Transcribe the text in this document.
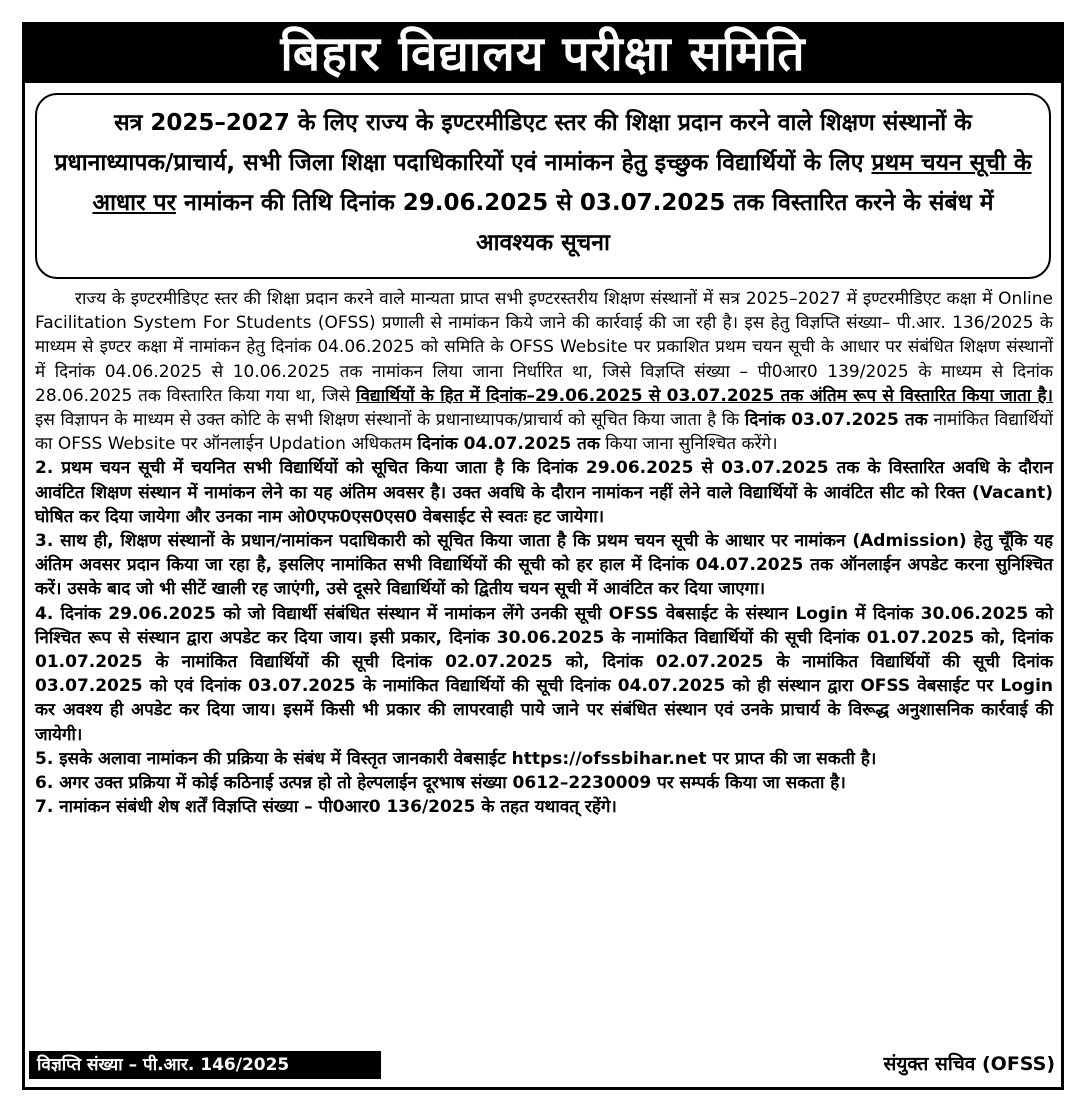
बिहार विद्यालय परीक्षा समिति
सत्र 2025–2027 के लिए राज्य के इण्टरमीडिएट स्तर की शिक्षा प्रदान करने वाले शिक्षण संस्थानों के प्रधानाध्यापक/प्राचार्य, सभी जिला शिक्षा पदाधिकारियों एवं नामांकन हेतु इच्छुक विद्यार्थियों के लिए प्रथम चयन सूची के आधार पर नामांकन की तिथि दिनांक 29.06.2025 से 03.07.2025 तक विस्तारित करने के संबंध में आवश्यक सूचना

राज्य के इण्टरमीडिएट स्तर की शिक्षा प्रदान करने वाले मान्यता प्राप्त सभी इण्टरस्तरीय शिक्षण संस्थानों में सत्र 2025–2027 में इण्टरमीडिएट कक्षा में Online Facilitation System For Students (OFSS) प्रणाली से नामांकन किये जाने की कार्रवाई की जा रही है। इस हेतु विज्ञप्ति संख्या– पी.आर. 136/2025 के माध्यम से इण्टर कक्षा में नामांकन हेतु दिनांक 04.06.2025 को समिति के OFSS Website पर प्रकाशित प्रथम चयन सूची के आधार पर संबंधित शिक्षण संस्थानों में दिनांक 04.06.2025 से 10.06.2025 तक नामांकन लिया जाना निर्धारित था, जिसे विज्ञप्ति संख्या – पी0आर0 139/2025 के माध्यम से दिनांक 28.06.2025 तक विस्तारित किया गया था, जिसे विद्यार्थियों के हित में दिनांक–29.06.2025 से 03.07.2025 तक अंतिम रूप से विस्तारित किया जाता है। इस विज्ञापन के माध्यम से उक्त कोटि के सभी शिक्षण संस्थानों के प्रधानाध्यापक/प्राचार्य को सूचित किया जाता है कि दिनांक 03.07.2025 तक नामांकित विद्यार्थियों का OFSS Website पर ऑनलाईन Updation अधिकतम दिनांक 04.07.2025 तक किया जाना सुनिश्चित करेंगे।

2. प्रथम चयन सूची में चयनित सभी विद्यार्थियों को सूचित किया जाता है कि दिनांक 29.06.2025 से 03.07.2025 तक के विस्तारित अवधि के दौरान आवंटित शिक्षण संस्थान में नामांकन लेने का यह अंतिम अवसर है। उक्त अवधि के दौरान नामांकन नहीं लेने वाले विद्यार्थियों के आवंटित सीट को रिक्त (Vacant) घोषित कर दिया जायेगा और उनका नाम ओ0एफ0एस0एस0 वेबसाईट से स्वतः हट जायेगा।

3. साथ ही, शिक्षण संस्थानों के प्रधान/नामांकन पदाधिकारी को सूचित किया जाता है कि प्रथम चयन सूची के आधार पर नामांकन (Admission) हेतु चूँकि यह अंतिम अवसर प्रदान किया जा रहा है, इसलिए नामांकित सभी विद्यार्थियों की सूची को हर हाल में दिनांक 04.07.2025 तक ऑनलाईन अपडेट करना सुनिश्चित करें। उसके बाद जो भी सीटें खाली रह जाएंगी, उसे दूसरे विद्यार्थियों को द्वितीय चयन सूची में आवंटित कर दिया जाएगा।

4. दिनांक 29.06.2025 को जो विद्यार्थी संबंधित संस्थान में नामांकन लेंगे उनकी सूची OFSS वेबसाईट के संस्थान Login में दिनांक 30.06.2025 को निश्चित रूप से संस्थान द्वारा अपडेट कर दिया जाय। इसी प्रकार, दिनांक 30.06.2025 के नामांकित विद्यार्थियों की सूची दिनांक 01.07.2025 को, दिनांक 01.07.2025 के नामांकित विद्यार्थियों की सूची दिनांक 02.07.2025 को, दिनांक 02.07.2025 के नामांकित विद्यार्थियों की सूची दिनांक 03.07.2025 को एवं दिनांक 03.07.2025 के नामांकित विद्यार्थियों की सूची दिनांक 04.07.2025 को ही संस्थान द्वारा OFSS वेबसाईट पर Login कर अवश्य ही अपडेट कर दिया जाय। इसमें किसी भी प्रकार की लापरवाही पाये जाने पर संबंधित संस्थान एवं उनके प्राचार्य के विरूद्ध अनुशासनिक कार्रवाई की जायेगी।

5. इसके अलावा नामांकन की प्रक्रिया के संबंध में विस्तृत जानकारी वेबसाईट https://ofssbihar.net पर प्राप्त की जा सकती है।

6. अगर उक्त प्रक्रिया में कोई कठिनाई उत्पन्न हो तो हेल्पलाईन दूरभाष संख्या 0612–2230009 पर सम्पर्क किया जा सकता है।

7. नामांकन संबंधी शेष शर्तें विज्ञप्ति संख्या – पी0आर0 136/2025 के तहत यथावत् रहेंगे।

विज्ञप्ति संख्या – पी.आर. 146/2025	संयुक्त सचिव (OFSS)
